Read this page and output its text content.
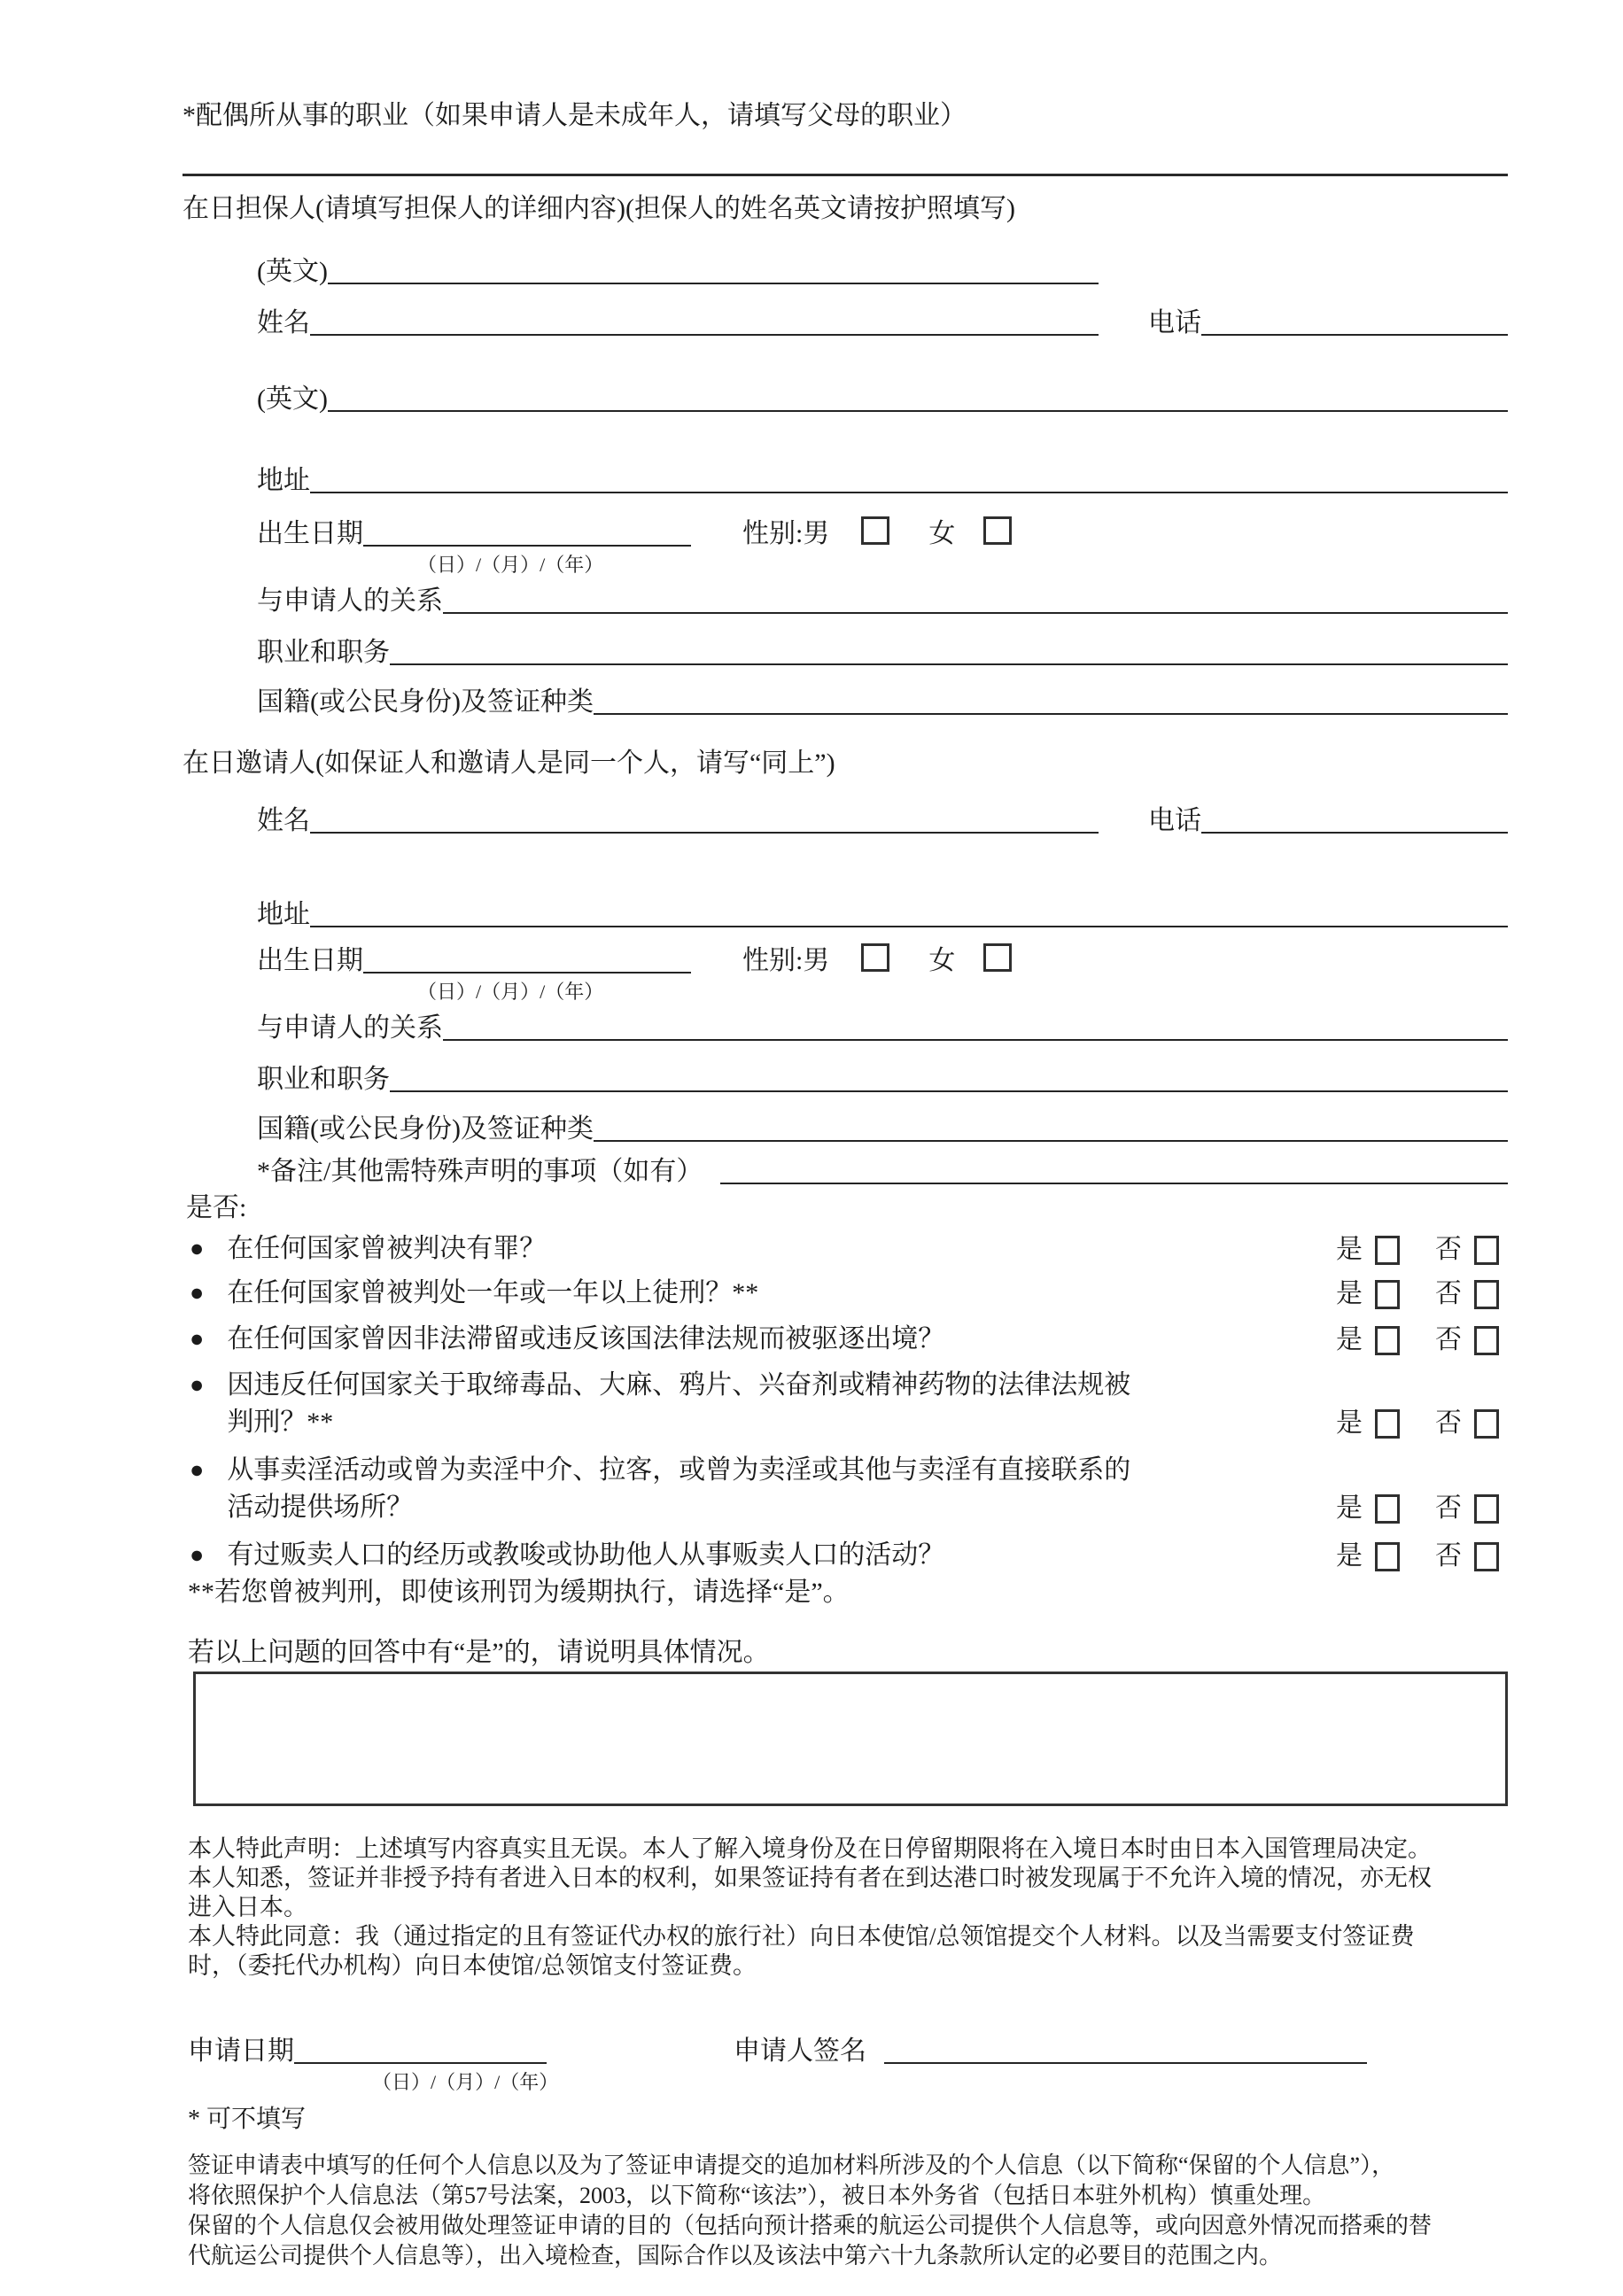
*配偶所从事的职业（如果申请人是未成年人，请填写父母的职业）
在日担保人(请填写担保人的详细内容)(担保人的姓名英文请按护照填写)
(英文)
姓名	电话
(英文)
地址
出生日期	性别:男	女
（日）/（月）/（年）
与申请人的关系
职业和职务
国籍(或公民身份)及签证种类
在日邀请人(如保证人和邀请人是同一个人，请写“同上”)
姓名	电话
地址
出生日期	性别:男	女
（日）/（月）/（年）
与申请人的关系
职业和职务
国籍(或公民身份)及签证种类
*备注/其他需特殊声明的事项（如有）
是否:
● 在任何国家曾被判决有罪？	是	否
● 在任何国家曾被判处一年或一年以上徒刑？**	是	否
● 在任何国家曾因非法滞留或违反该国法律法规而被驱逐出境？	是	否
● 因违反任何国家关于取缔毒品、大麻、鸦片、兴奋剂或精神药物的法律法规被
判刑？**	是	否
● 从事卖淫活动或曾为卖淫中介、拉客，或曾为卖淫或其他与卖淫有直接联系的
活动提供场所？	是	否
● 有过贩卖人口的经历或教唆或协助他人从事贩卖人口的活动？	是	否
**若您曾被判刑，即使该刑罚为缓期执行，请选择“是”。
若以上问题的回答中有“是”的，请说明具体情况。
本人特此声明：上述填写内容真实且无误。本人了解入境身份及在日停留期限将在入境日本时由日本入国管理局决定。
本人知悉，签证并非授予持有者进入日本的权利，如果签证持有者在到达港口时被发现属于不允许入境的情况，亦无权
进入日本。
本人特此同意：我（通过指定的且有签证代办权的旅行社）向日本使馆/总领馆提交个人材料。以及当需要支付签证费
时，（委托代办机构）向日本使馆/总领馆支付签证费。
申请日期	申请人签名
（日）/（月）/（年）
* 可不填写
签证申请表中填写的任何个人信息以及为了签证申请提交的追加材料所涉及的个人信息（以下简称“保留的个人信息”），
将依照保护个人信息法（第57号法案，2003，以下简称“该法”），被日本外务省（包括日本驻外机构）慎重处理。
保留的个人信息仅会被用做处理签证申请的目的（包括向预计搭乘的航运公司提供个人信息等，或向因意外情况而搭乘的替
代航运公司提供个人信息等），出入境检查，国际合作以及该法中第六十九条款所认定的必要目的范围之内。
